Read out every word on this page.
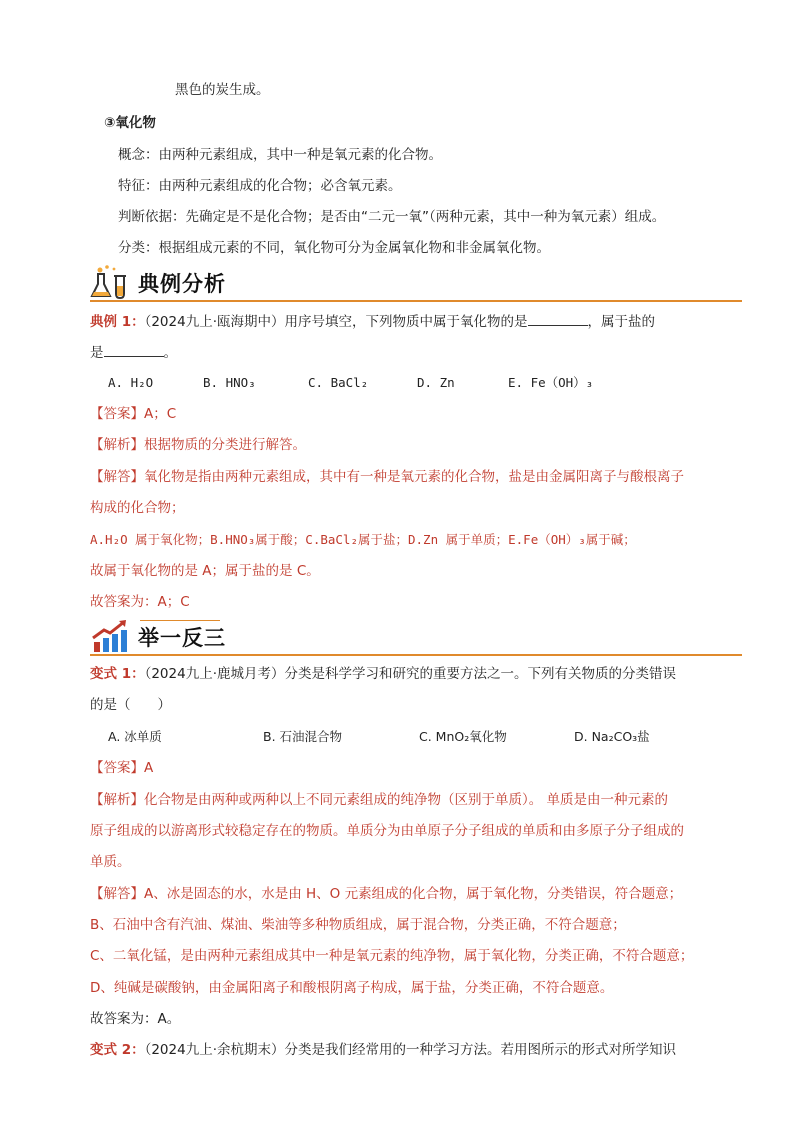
黑色的炭生成。
③氧化物
概念：由两种元素组成，其中一种是氧元素的化合物。
特征：由两种元素组成的化合物；必含氧元素。
判断依据：先确定是不是化合物；是否由“二元一氧”（两种元素，其中一种为氧元素）组成。
分类：根据组成元素的不同，氧化物可分为金属氧化物和非金属氧化物。
典例分析
典例 1：（2024九上·瓯海期中）用序号填空，下列物质中属于氧化物的是	，属于盐的
是	。
A. H₂O	B. HNO₃	C. BaCl₂	D. Zn	E. Fe（OH）₃
【答案】A；C
【解析】根据物质的分类进行解答。
【解答】氧化物是指由两种元素组成，其中有一种是氧元素的化合物，盐是由金属阳离子与酸根离子
构成的化合物；
A.H₂O 属于氧化物；B.HNO₃属于酸；C.BaCl₂属于盐；D.Zn 属于单质；E.Fe（OH）₃属于碱；
故属于氧化物的是 A；属于盐的是 C。
故答案为：A；C
举一反三
变式 1：（2024九上·鹿城月考）分类是科学学习和研究的重要方法之一。下列有关物质的分类错误
的是（　　）
A. 冰单质	B. 石油混合物	C. MnO₂氧化物	D. Na₂CO₃盐
【答案】A
【解析】化合物是由两种或两种以上不同元素组成的纯净物（区别于单质）。 单质是由一种元素的
原子组成的以游离形式较稳定存在的物质。单质分为由单原子分子组成的单质和由多原子分子组成的
单质。
【解答】A、冰是固态的水，水是由 H、O 元素组成的化合物，属于氧化物，分类错误，符合题意；
B、石油中含有汽油、煤油、柴油等多种物质组成，属于混合物，分类正确，不符合题意；
C、二氧化锰，是由两种元素组成其中一种是氧元素的纯净物，属于氧化物，分类正确，不符合题意；
D、纯碱是碳酸钠，由金属阳离子和酸根阴离子构成，属于盐，分类正确，不符合题意。
故答案为：A。
变式 2：（2024九上·余杭期末）分类是我们经常用的一种学习方法。若用图所示的形式对所学知识
